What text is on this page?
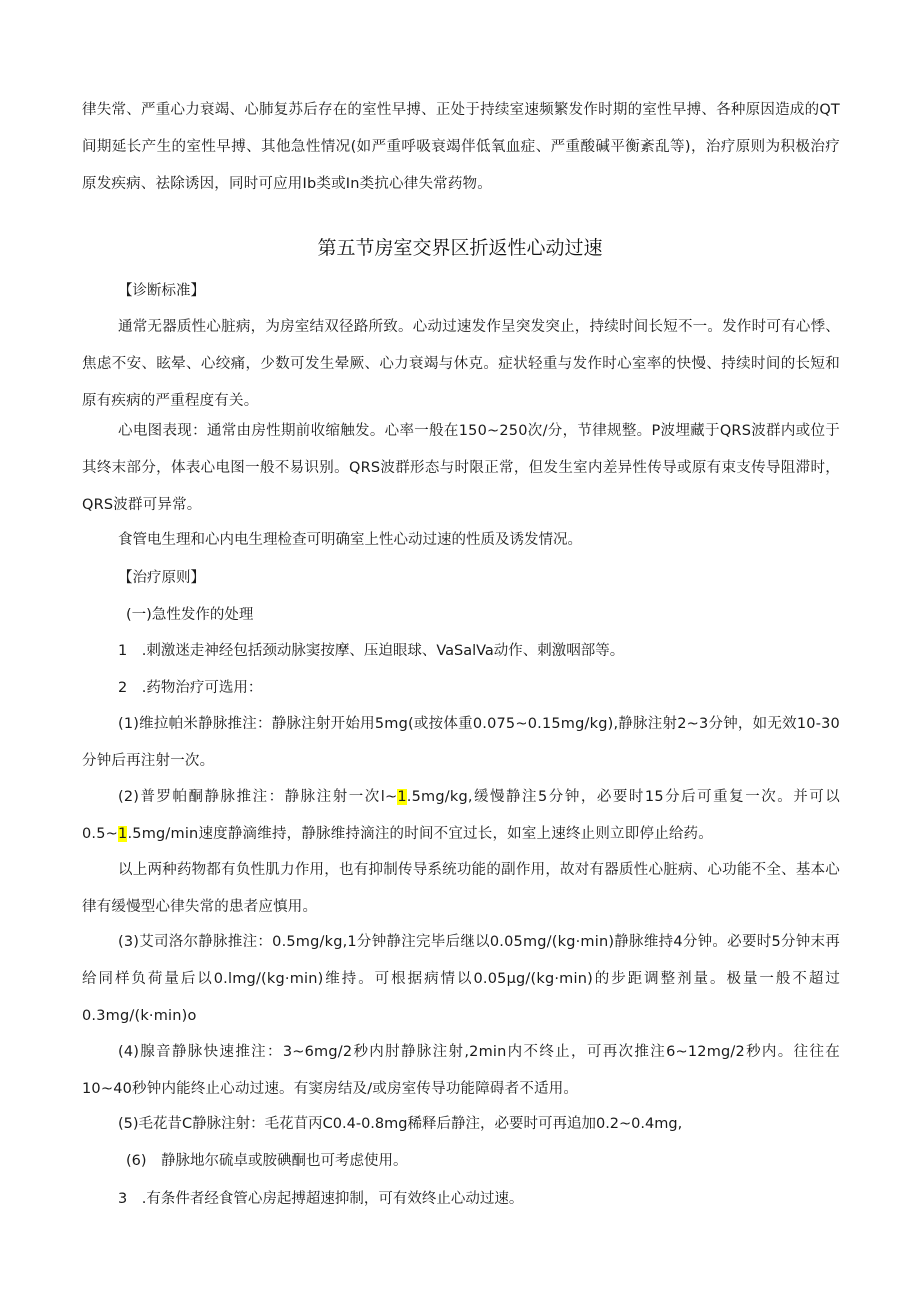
律失常、严重心力衰竭、心肺复苏后存在的室性早搏、正处于持续室速频繁发作时期的室性早搏、各种原因造成的QT间期延长产生的室性早搏、其他急性情况(如严重呼吸衰竭伴低氧血症、严重酸碱平衡紊乱等)，治疗原则为积极治疗原发疾病、祛除诱因，同时可应用Ib类或In类抗心律失常药物。

第五节房室交界区折返性心动过速

【诊断标准】

通常无器质性心脏病，为房室结双径路所致。心动过速发作呈突发突止，持续时间长短不一。发作时可有心悸、焦虑不安、眩晕、心绞痛，少数可发生晕厥、心力衰竭与休克。症状轻重与发作时心室率的快慢、持续时间的长短和原有疾病的严重程度有关。

心电图表现：通常由房性期前收缩触发。心率一般在150~250次/分，节律规整。P波埋藏于QRS波群内或位于其终末部分，体表心电图一般不易识别。QRS波群形态与时限正常，但发生室内差异性传导或原有束支传导阻滞时，QRS波群可异常。

食管电生理和心内电生理检查可明确室上性心动过速的性质及诱发情况。

【治疗原则】

(一)急性发作的处理

1　.刺激迷走神经包括颈动脉窦按摩、压迫眼球、VaSalVa动作、刺激咽部等。

2　.药物治疗可选用：

(1)维拉帕米静脉推注：静脉注射开始用5mg(或按体重0.075~0.15mg∕kg),静脉注射2~3分钟，如无效10-30分钟后再注射一次。

(2)普罗帕酮静脉推注：静脉注射一次l~1.5mg∕kg,缓慢静注5分钟，必要时15分后可重复一次。并可以0.5~1.5mg∕min速度静滴维持，静脉维持滴注的时间不宜过长，如室上速终止则立即停止给药。

以上两种药物都有负性肌力作用，也有抑制传导系统功能的副作用，故对有器质性心脏病、心功能不全、基本心律有缓慢型心律失常的患者应慎用。

(3)艾司洛尔静脉推注：0.5mg∕kg,1分钟静注完毕后继以0.05mg∕(kg·min)静脉维持4分钟。必要时5分钟末再给同样负荷量后以0.lmg∕(kg·min)维持。可根据病情以0.05μg∕(kg·min)的步距调整剂量。极量一般不超过0.3mg∕(k·min)o

(4)腺音静脉快速推注：3~6mg∕2秒内肘静脉注射,2min内不终止，可再次推注6~12mg∕2秒内。往往在10~40秒钟内能终止心动过速。有窦房结及/或房室传导功能障碍者不适用。

(5)毛花昔C静脉注射：毛花苜丙C0.4-0.8mg稀释后静注，必要时可再追加0.2~0.4mg,

(6)　静脉地尔硫卓或胺碘酮也可考虑使用。

3　.有条件者经食管心房起搏超速抑制，可有效终止心动过速。
